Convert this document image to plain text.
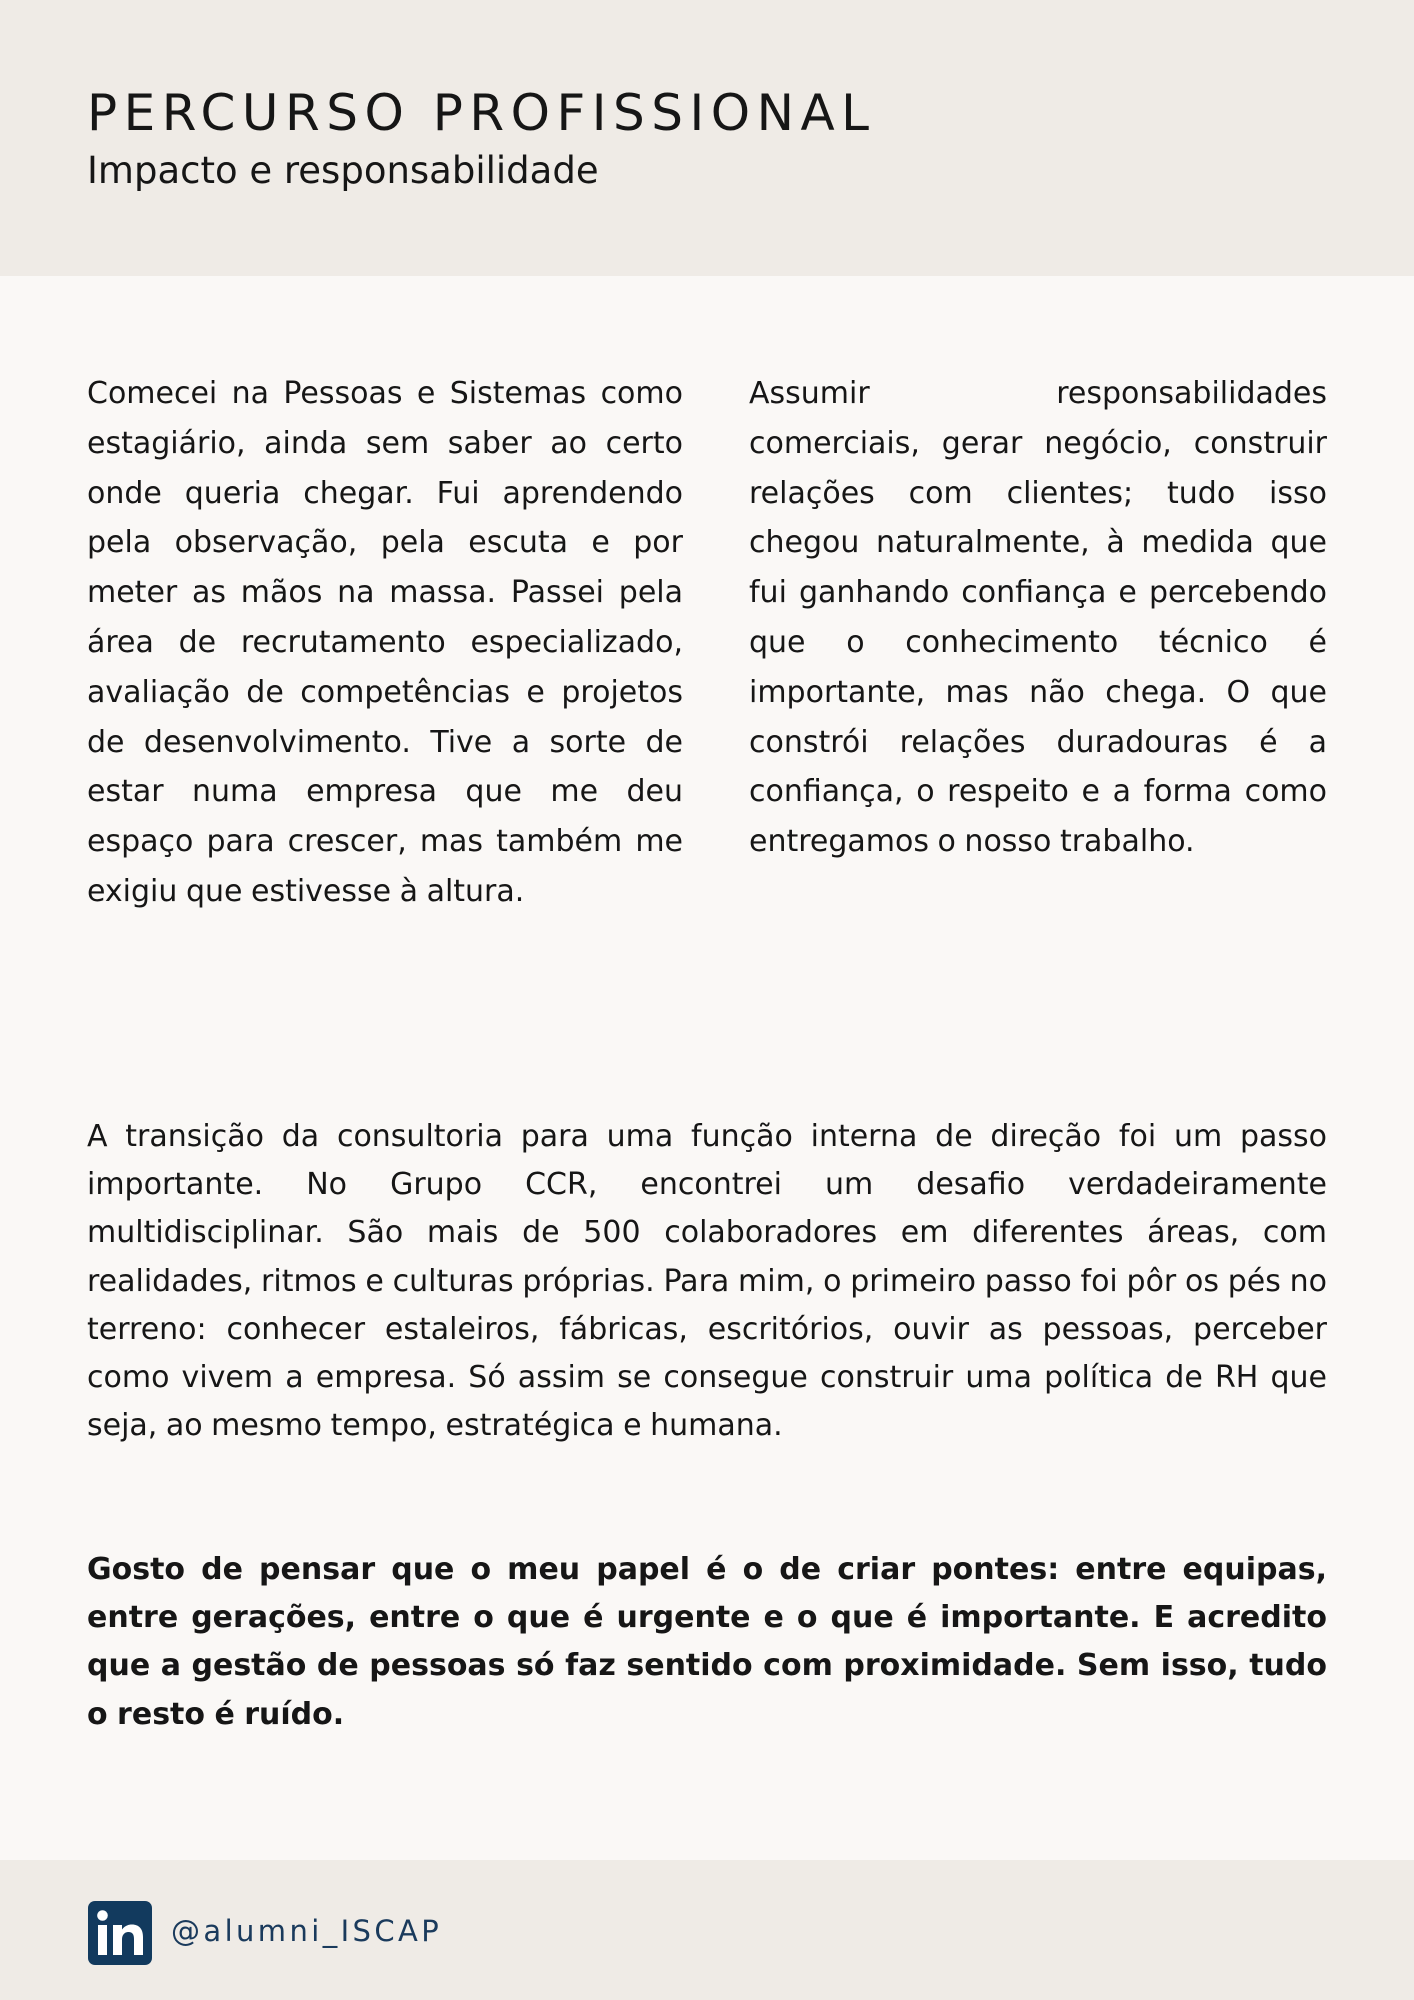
PERCURSO PROFISSIONAL

Impacto e responsabilidade

Comecei na Pessoas e Sistemas como estagiário, ainda sem saber ao certo onde queria chegar. Fui aprendendo pela observação, pela escuta e por meter as mãos na massa. Passei pela área de recrutamento especializado, avaliação de competências e projetos de desenvolvimento. Tive a sorte de estar numa empresa que me deu espaço para crescer, mas também me exigiu que estivesse à altura.

Assumir responsabilidades comerciais, gerar negócio, construir relações com clientes; tudo isso chegou naturalmente, à medida que fui ganhando confiança e percebendo que o conhecimento técnico é importante, mas não chega. O que constrói relações duradouras é a confiança, o respeito e a forma como entregamos o nosso trabalho.

A transição da consultoria para uma função interna de direção foi um passo importante. No Grupo CCR, encontrei um desafio verdadeiramente multidisciplinar. São mais de 500 colaboradores em diferentes áreas, com realidades, ritmos e culturas próprias. Para mim, o primeiro passo foi pôr os pés no terreno: conhecer estaleiros, fábricas, escritórios, ouvir as pessoas, perceber como vivem a empresa. Só assim se consegue construir uma política de RH que seja, ao mesmo tempo, estratégica e humana.

Gosto de pensar que o meu papel é o de criar pontes: entre equipas, entre gerações, entre o que é urgente e o que é importante. E acredito que a gestão de pessoas só faz sentido com proximidade. Sem isso, tudo o resto é ruído.

@alumni_ISCAP
